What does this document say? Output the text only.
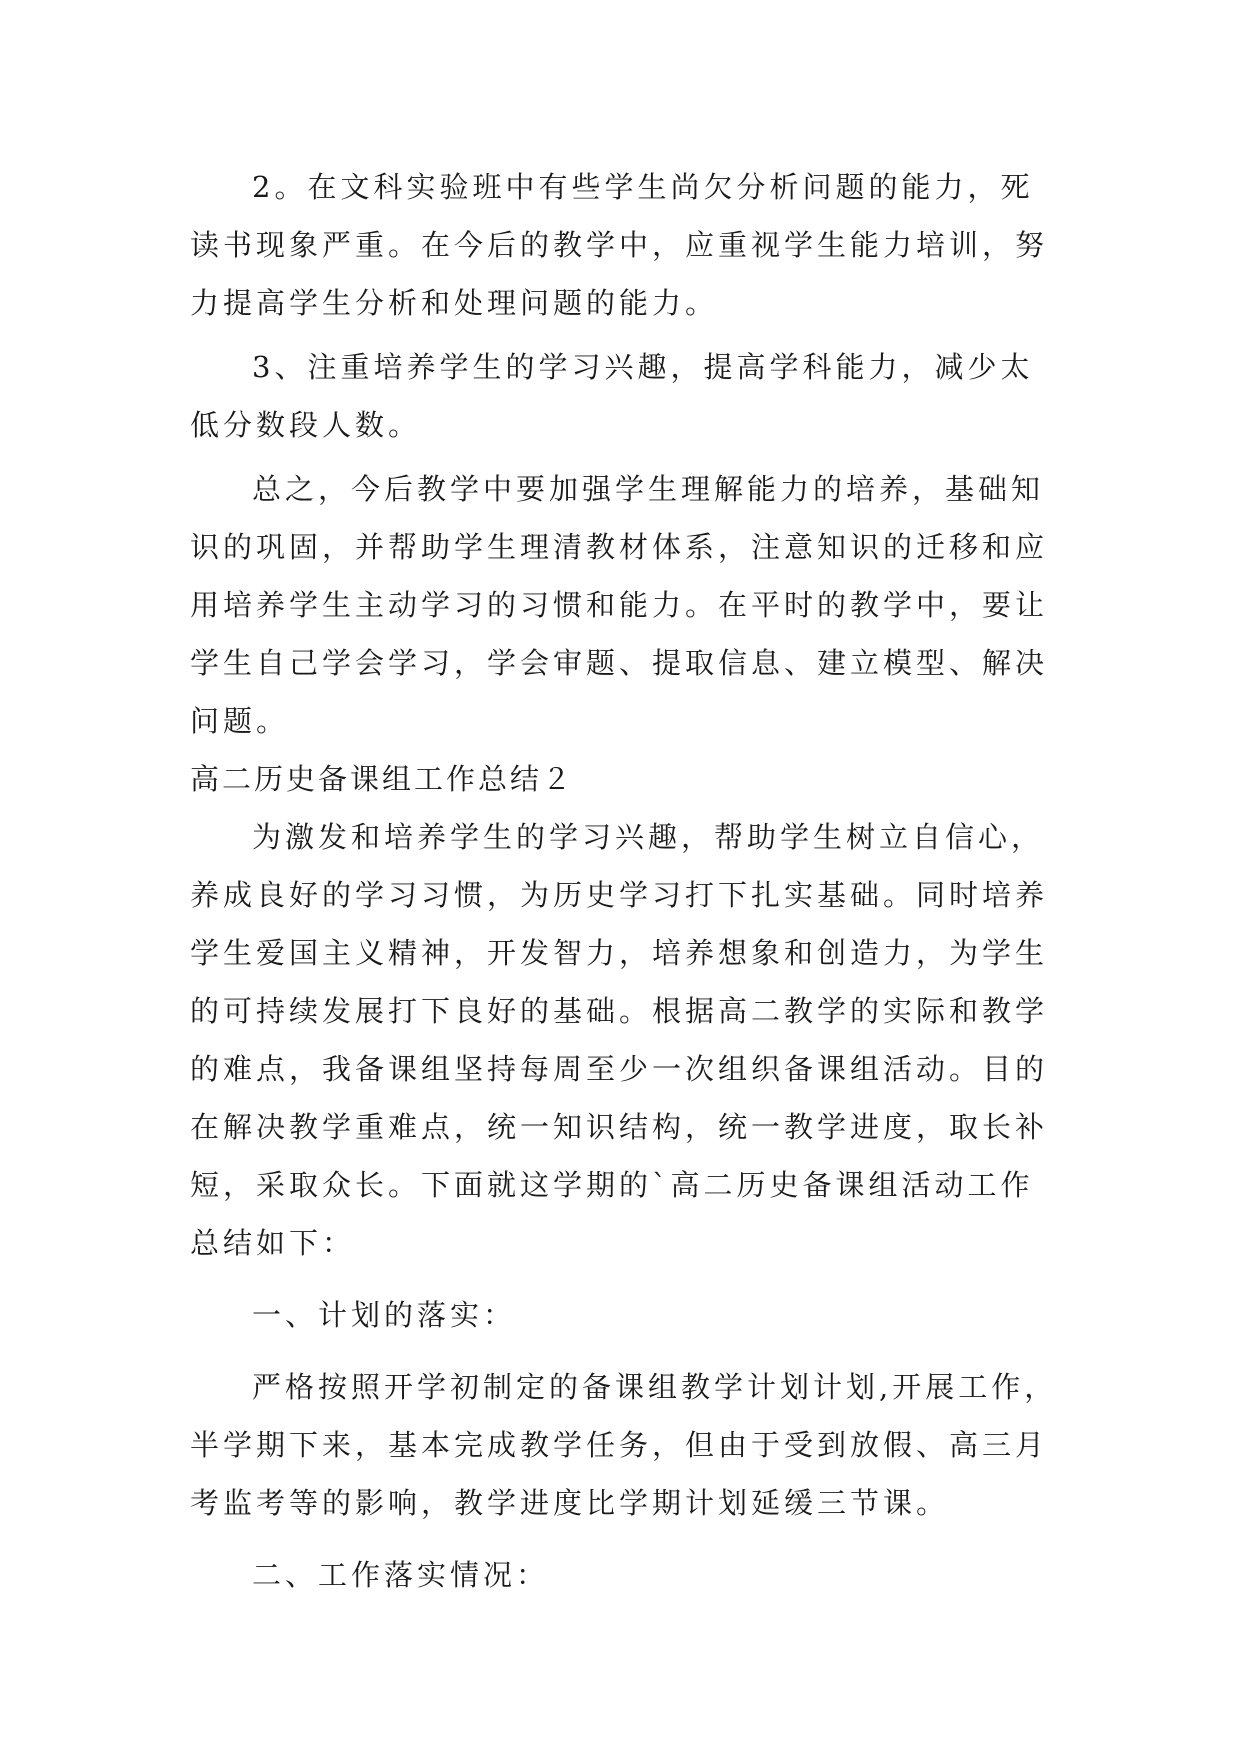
2。在文科实验班中有些学生尚欠分析问题的能力，死
读书现象严重。在今后的教学中，应重视学生能力培训，努
力提高学生分析和处理问题的能力。
3、注重培养学生的学习兴趣，提高学科能力，减少太
低分数段人数。
总之，今后教学中要加强学生理解能力的培养，基础知
识的巩固，并帮助学生理清教材体系，注意知识的迁移和应
用培养学生主动学习的习惯和能力。在平时的教学中，要让
学生自己学会学习，学会审题、提取信息、建立模型、解决
问题。
高二历史备课组工作总结２
为激发和培养学生的学习兴趣，帮助学生树立自信心，
养成良好的学习习惯，为历史学习打下扎实基础。同时培养
学生爱国主义精神，开发智力，培养想象和创造力，为学生
的可持续发展打下良好的基础。根据高二教学的实际和教学
的难点，我备课组坚持每周至少一次组织备课组活动。目的
在解决教学重难点，统一知识结构，统一教学进度，取长补
短，采取众长。下面就这学期的`高二历史备课组活动工作
总结如下：
一、计划的落实：
严格按照开学初制定的备课组教学计划计划,开展工作，
半学期下来，基本完成教学任务，但由于受到放假、高三月
考监考等的影响，教学进度比学期计划延缓三节课。
二、工作落实情况：
